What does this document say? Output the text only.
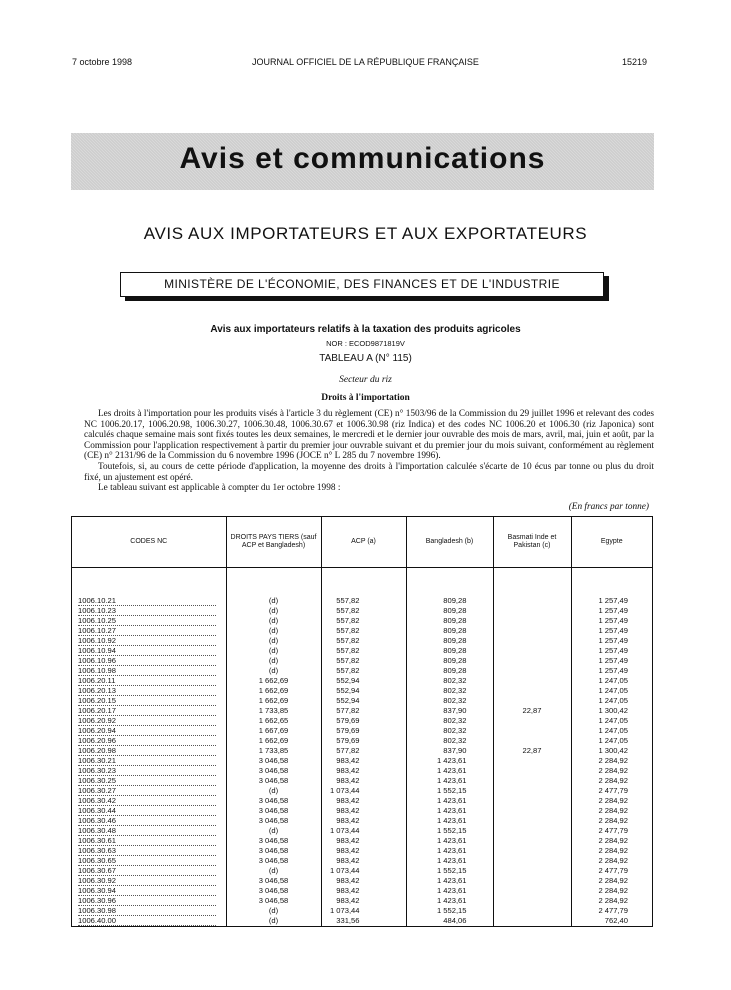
7 octobre 1998	JOURNAL OFFICIEL DE LA RÉPUBLIQUE FRANÇAISE	15219
Avis et communications
AVIS AUX IMPORTATEURS ET AUX EXPORTATEURS
MINISTÈRE DE L'ÉCONOMIE, DES FINANCES ET DE L'INDUSTRIE
Avis aux importateurs relatifs à la taxation des produits agricoles
NOR : ECOD9871819V
TABLEAU A (N° 115)
Secteur du riz
Droits à l'importation

Les droits à l'importation pour les produits visés à l'article 3 du règlement (CE) n° 1503/96 de la Commission du 29 juillet 1996 et relevant des codes NC 1006.20.17, 1006.20.98, 1006.30.27, 1006.30.48, 1006.30.67 et 1006.30.98 (riz Indica) et des codes NC 1006.20 et 1006.30 (riz Japonica) sont calculés chaque semaine mais sont fixés toutes les deux semaines, le mercredi et le dernier jour ouvrable des mois de mars, avril, mai, juin et août, par la Commission pour l'application respectivement à partir du premier jour ouvrable suivant et du premier jour du mois suivant, conformément au règlement (CE) n° 2131/96 de la Commission du 6 novembre 1996 (JOCE n° L 285 du 7 novembre 1996).

Toutefois, si, au cours de cette période d'application, la moyenne des droits à l'importation calculée s'écarte de 10 écus par tonne ou plus du droit fixé, un ajustement est opéré.

Le tableau suivant est applicable à compter du 1er octobre 1998 :

(En francs par tonne)
CODES NC	DROITS PAYS TIERS (sauf ACP et Bangladesh)	ACP (a)	Bangladesh (b)	Basmati Inde et Pakistan (c)	Egypte

1006.10.21	(d)	557,82	809,28		1 257,49
1006.10.23	(d)	557,82	809,28		1 257,49
1006.10.25	(d)	557,82	809,28		1 257,49
1006.10.27	(d)	557,82	809,28		1 257,49
1006.10.92	(d)	557,82	809,28		1 257,49
1006.10.94	(d)	557,82	809,28		1 257,49
1006.10.96	(d)	557,82	809,28		1 257,49
1006.10.98	(d)	557,82	809,28		1 257,49
1006.20.11	1 662,69	552,94	802,32		1 247,05
1006.20.13	1 662,69	552,94	802,32		1 247,05
1006.20.15	1 662,69	552,94	802,32		1 247,05
1006.20.17	1 733,85	577,82	837,90	22,87	1 300,42
1006.20.92	1 662,65	579,69	802,32		1 247,05
1006.20.94	1 667,69	579,69	802,32		1 247,05
1006.20.96	1 662,69	579,69	802,32		1 247,05
1006.20.98	1 733,85	577,82	837,90	22,87	1 300,42
1006.30.21	3 046,58	983,42	1 423,61		2 284,92
1006.30.23	3 046,58	983,42	1 423,61		2 284,92
1006.30.25	3 046,58	983,42	1 423,61		2 284,92
1006.30.27	(d)	1 073,44	1 552,15		2 477,79
1006.30.42	3 046,58	983,42	1 423,61		2 284,92
1006.30.44	3 046,58	983,42	1 423,61		2 284,92
1006.30.46	3 046,58	983,42	1 423,61		2 284,92
1006.30.48	(d)	1 073,44	1 552,15		2 477,79
1006.30.61	3 046,58	983,42	1 423,61		2 284,92
1006.30.63	3 046,58	983,42	1 423,61		2 284,92
1006.30.65	3 046,58	983,42	1 423,61		2 284,92
1006.30.67	(d)	1 073,44	1 552,15		2 477,79
1006.30.92	3 046,58	983,42	1 423,61		2 284,92
1006.30.94	3 046,58	983,42	1 423,61		2 284,92
1006.30.96	3 046,58	983,42	1 423,61		2 284,92
1006.30.98	(d)	1 073,44	1 552,15		2 477,79
1006.40.00	(d)	331,56	484,06		762,40
